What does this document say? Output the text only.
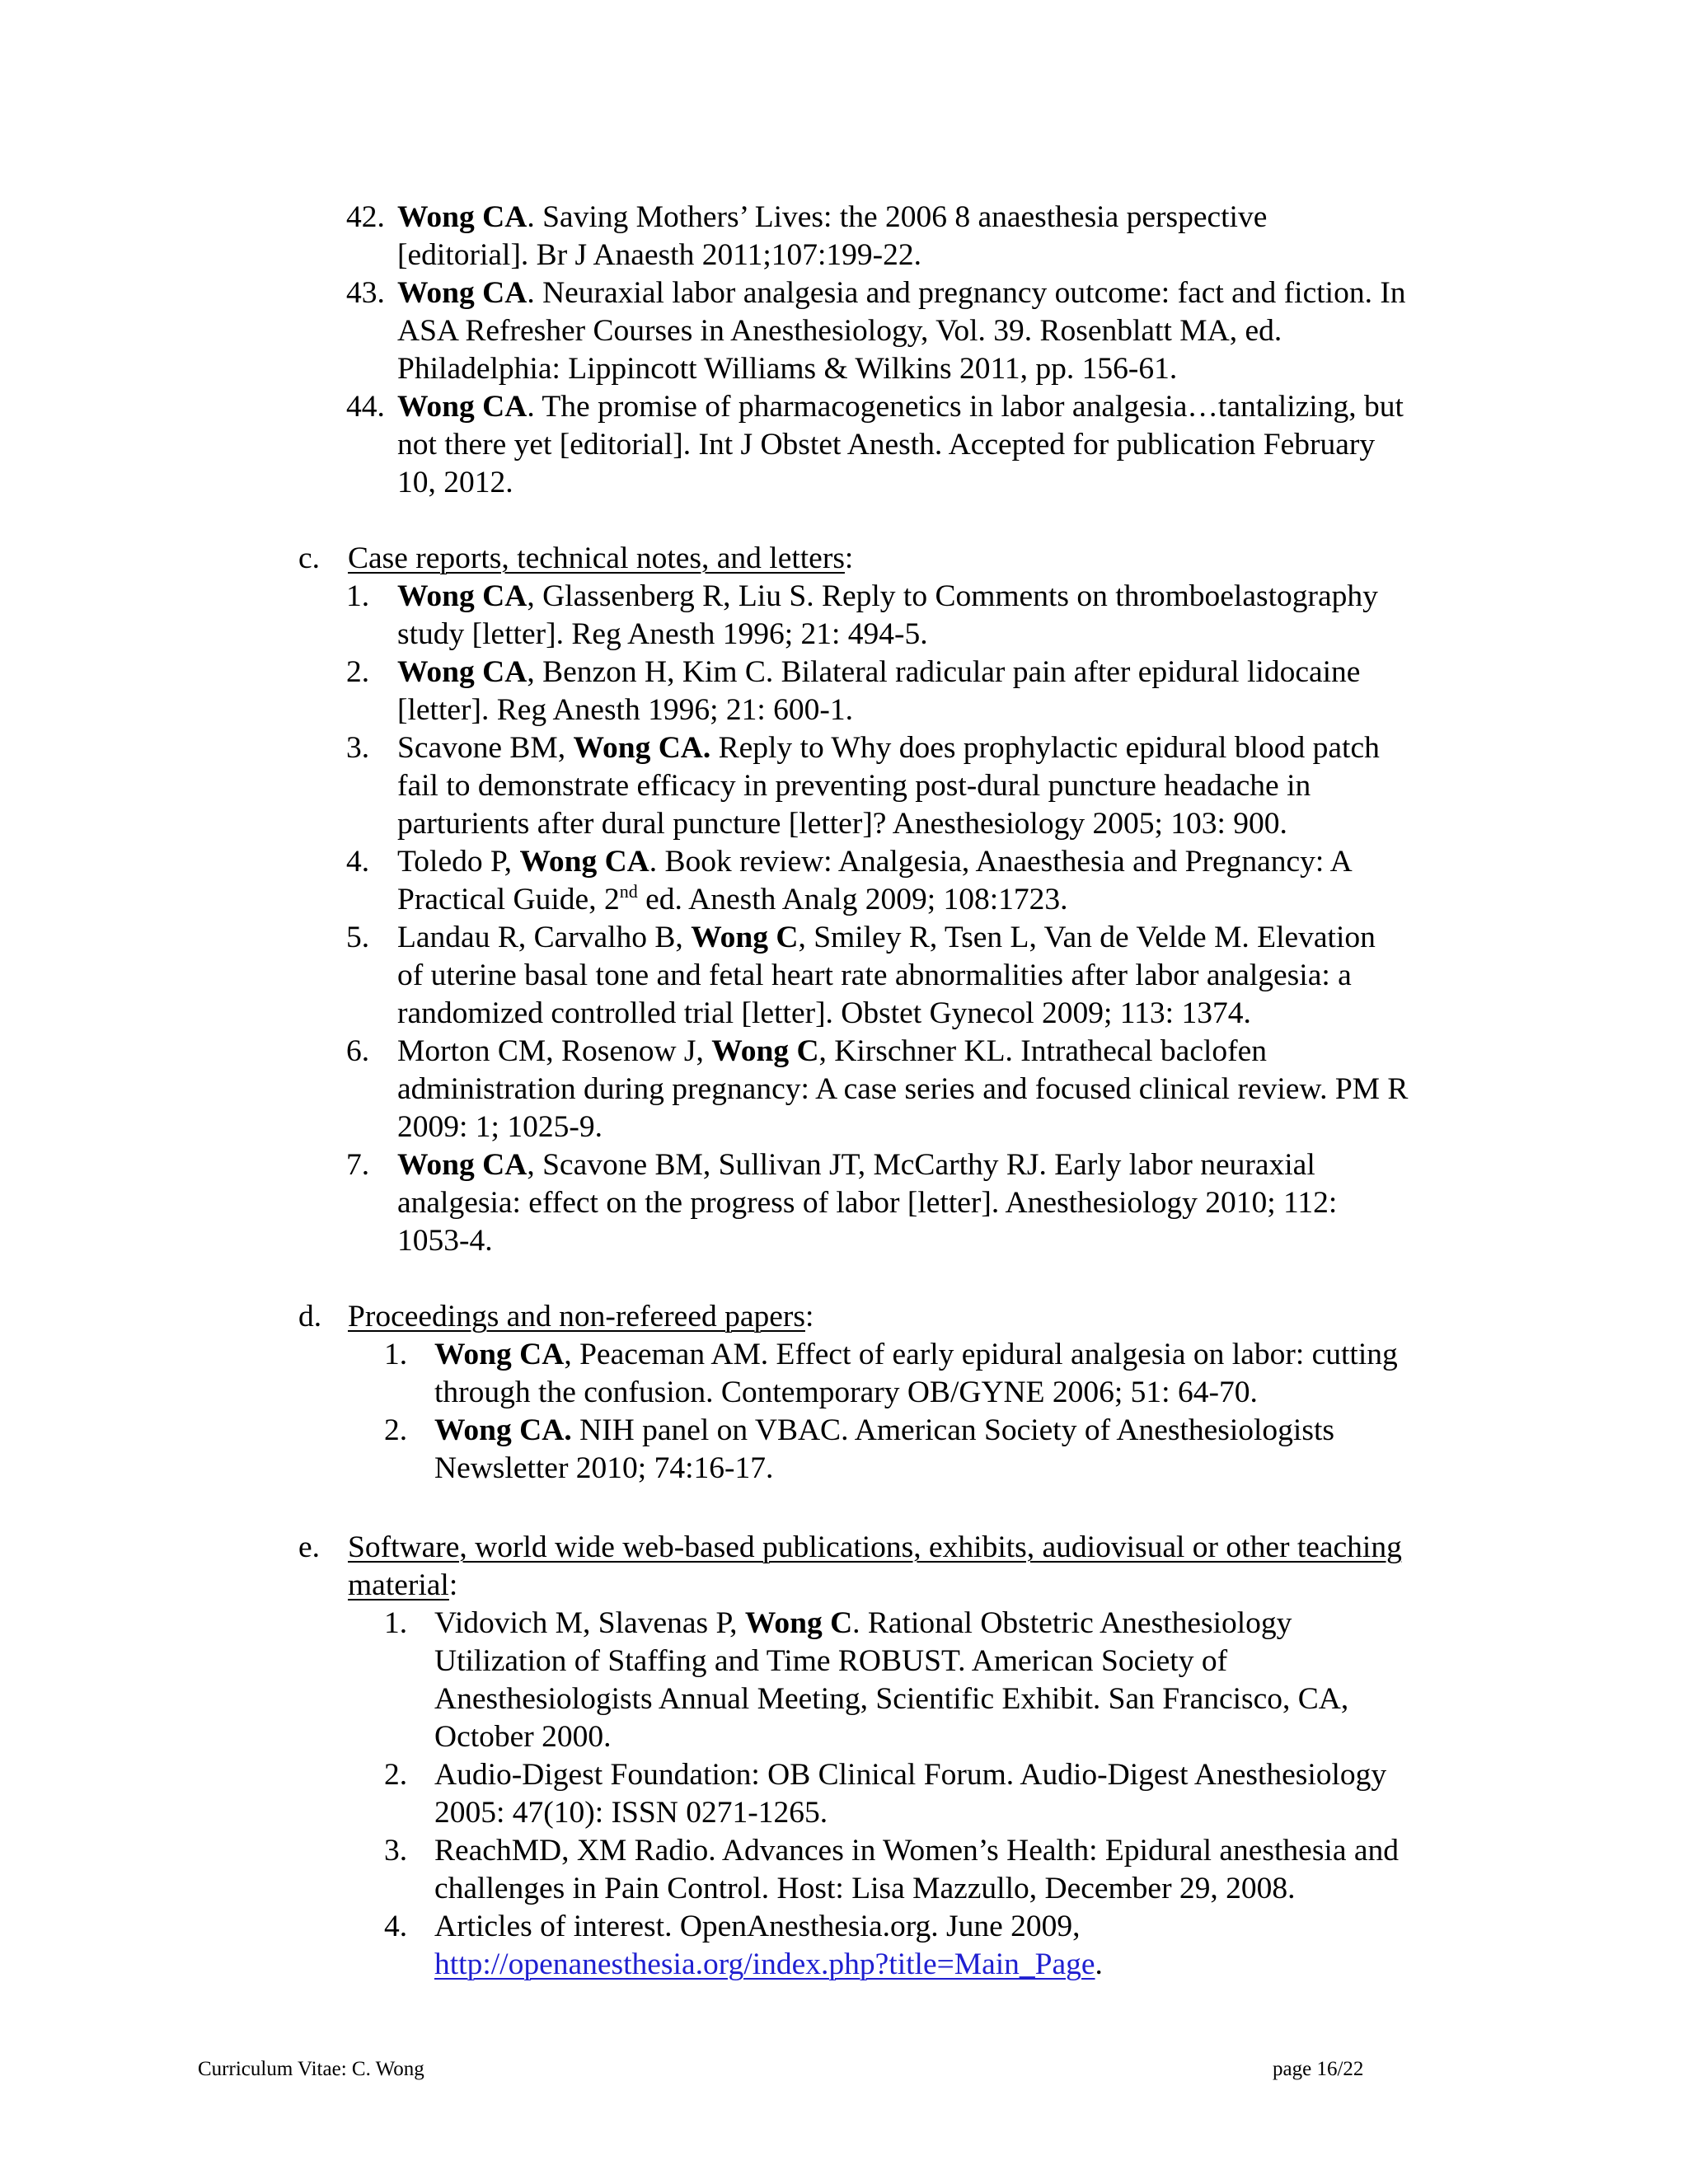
42. Wong CA. Saving Mothers’ Lives: the 2006 8 anaesthesia perspective
[editorial]. Br J Anaesth 2011;107:199-22.
43. Wong CA. Neuraxial labor analgesia and pregnancy outcome: fact and fiction. In
ASA Refresher Courses in Anesthesiology, Vol. 39. Rosenblatt MA, ed.
Philadelphia: Lippincott Williams & Wilkins 2011, pp. 156-61.
44. Wong CA. The promise of pharmacogenetics in labor analgesia…tantalizing, but
not there yet [editorial]. Int J Obstet Anesth. Accepted for publication February
10, 2012.
c. Case reports, technical notes, and letters:
1. Wong CA, Glassenberg R, Liu S. Reply to Comments on thromboelastography
study [letter]. Reg Anesth 1996; 21: 494-5.
2. Wong CA, Benzon H, Kim C. Bilateral radicular pain after epidural lidocaine
[letter]. Reg Anesth 1996; 21: 600-1.
3. Scavone BM, Wong CA. Reply to Why does prophylactic epidural blood patch
fail to demonstrate efficacy in preventing post-dural puncture headache in
parturients after dural puncture [letter]? Anesthesiology 2005; 103: 900.
4. Toledo P, Wong CA. Book review: Analgesia, Anaesthesia and Pregnancy: A
Practical Guide, 2nd ed. Anesth Analg 2009; 108:1723.
5. Landau R, Carvalho B, Wong C, Smiley R, Tsen L, Van de Velde M. Elevation
of uterine basal tone and fetal heart rate abnormalities after labor analgesia: a
randomized controlled trial [letter]. Obstet Gynecol 2009; 113: 1374.
6. Morton CM, Rosenow J, Wong C, Kirschner KL. Intrathecal baclofen
administration during pregnancy: A case series and focused clinical review. PM R
2009: 1; 1025-9.
7. Wong CA, Scavone BM, Sullivan JT, McCarthy RJ. Early labor neuraxial
analgesia: effect on the progress of labor [letter]. Anesthesiology 2010; 112:
1053-4.
d. Proceedings and non-refereed papers:
1. Wong CA, Peaceman AM. Effect of early epidural analgesia on labor: cutting
through the confusion. Contemporary OB/GYNE 2006; 51: 64-70.
2. Wong CA. NIH panel on VBAC. American Society of Anesthesiologists
Newsletter 2010; 74:16-17.
e. Software, world wide web-based publications, exhibits, audiovisual or other teaching
material:
1. Vidovich M, Slavenas P, Wong C. Rational Obstetric Anesthesiology
Utilization of Staffing and Time ROBUST. American Society of
Anesthesiologists Annual Meeting, Scientific Exhibit. San Francisco, CA,
October 2000.
2. Audio-Digest Foundation: OB Clinical Forum. Audio-Digest Anesthesiology
2005: 47(10): ISSN 0271-1265.
3. ReachMD, XM Radio. Advances in Women’s Health: Epidural anesthesia and
challenges in Pain Control. Host: Lisa Mazzullo, December 29, 2008.
4. Articles of interest. OpenAnesthesia.org. June 2009,
http://openanesthesia.org/index.php?title=Main_Page.
Curriculum Vitae: C. Wong	page 16/22
